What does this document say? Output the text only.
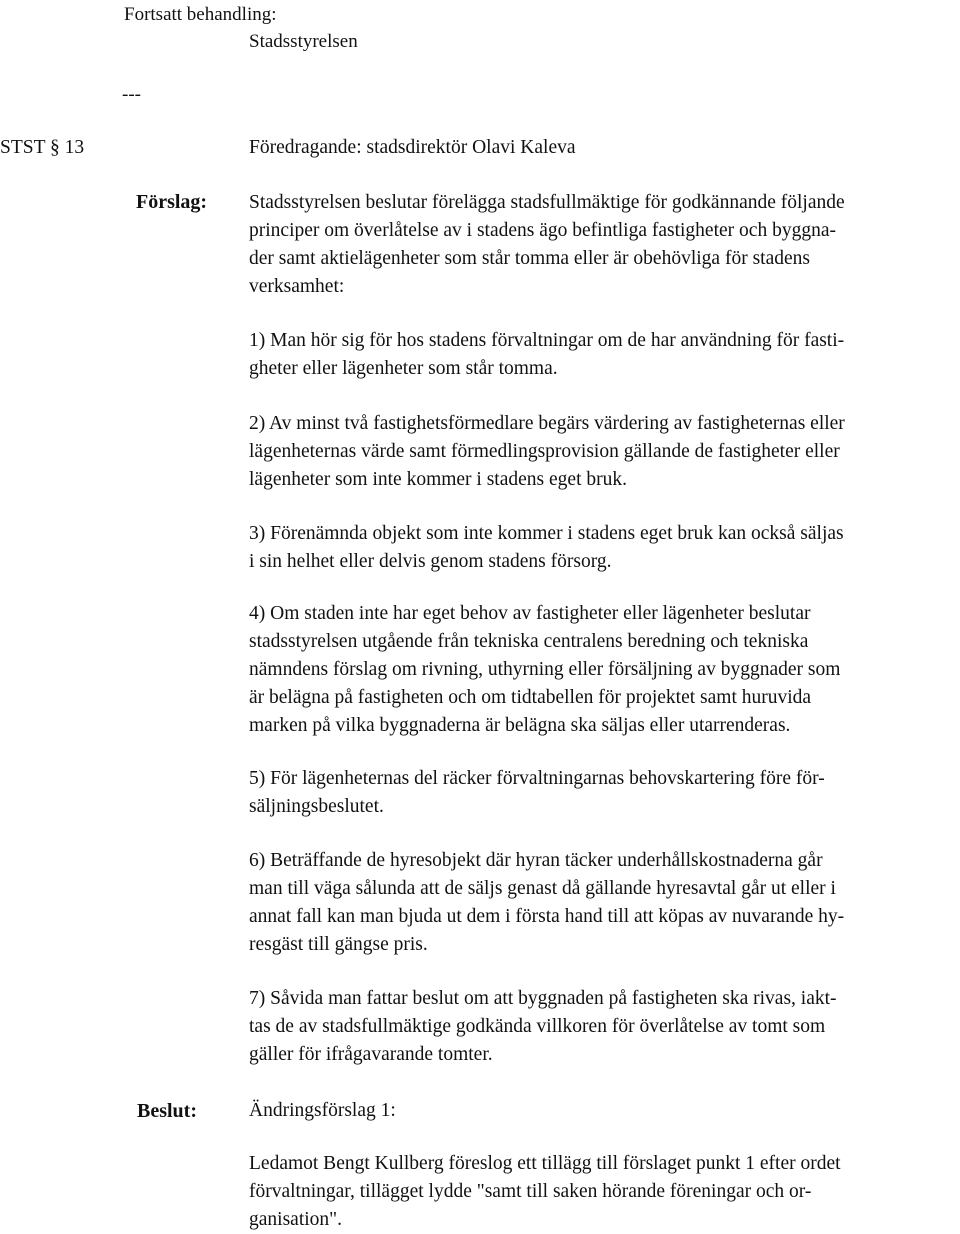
Fortsatt behandling:
Stadsstyrelsen
---
STST § 13	Föredragande: stadsdirektör Olavi Kaleva
Förslag: Stadsstyrelsen beslutar förelägga stadsfullmäktige för godkännande följande
principer om överlåtelse av i stadens ägo befintliga fastigheter och byggna-
der samt aktielägenheter som står tomma eller är obehövliga för stadens
verksamhet:
1) Man hör sig för hos stadens förvaltningar om de har användning för fasti-
gheter eller lägenheter som står tomma.
2) Av minst två fastighetsförmedlare begärs värdering av fastigheternas eller
lägenheternas värde samt förmedlingsprovision gällande de fastigheter eller
lägenheter som inte kommer i stadens eget bruk.
3) Förenämnda objekt som inte kommer i stadens eget bruk kan också säljas
i sin helhet eller delvis genom stadens försorg.
4) Om staden inte har eget behov av fastigheter eller lägenheter beslutar
stadsstyrelsen utgående från tekniska centralens beredning och tekniska
nämndens förslag om rivning, uthyrning eller försäljning av byggnader som
är belägna på fastigheten och om tidtabellen för projektet samt huruvida
marken på vilka byggnaderna är belägna ska säljas eller utarrenderas.
5) För lägenheternas del räcker förvaltningarnas behovskartering före för-
säljningsbeslutet.
6) Beträffande de hyresobjekt där hyran täcker underhållskostnaderna går
man till väga sålunda att de säljs genast då gällande hyresavtal går ut eller i
annat fall kan man bjuda ut dem i första hand till att köpas av nuvarande hy-
resgäst till gängse pris.
7) Såvida man fattar beslut om att byggnaden på fastigheten ska rivas, iakt-
tas de av stadsfullmäktige godkända villkoren för överlåtelse av tomt som
gäller för ifrågavarande tomter.
Beslut:	Ändringsförslag 1:
Ledamot Bengt Kullberg föreslog ett tillägg till förslaget punkt 1 efter ordet
förvaltningar, tillägget lydde "samt till saken hörande föreningar och or-
ganisation".
